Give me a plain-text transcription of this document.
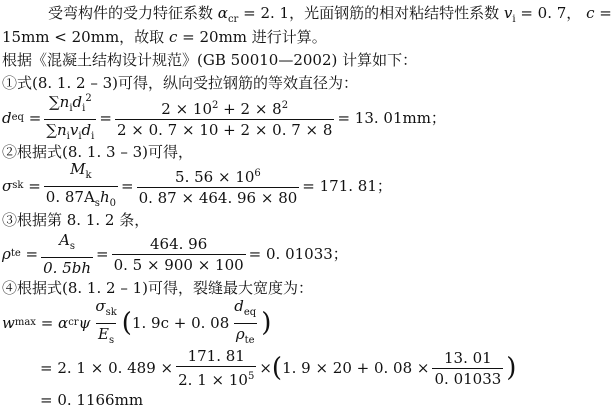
受弯构件的受力特征系数 $\alpha_{cr} = 2$. 1，光面钢筋的相对粘结特性系数 $v_i = 0$. 7， c =
15mm < 20mm，故取 c = 20mm 进行计算。
根据《混凝土结构设计规范》(GB 50010—2002) 计算如下：
①式(8. 1. 2 – 3)可得，纵向受拉钢筋的等效直径为：
d eq = $\frac{\sum n_id_i^2}{\sum n_iv_id_i} = \frac{2 \times 10^2 + 2 \times 8^2}{2 \times 0. 7 \times 10 + 2 \times 0. 7 \times 8} = 13$. 01mm；
②根据式(8. 1. 3 – 3)可得，
σ sk = $\frac{M_k}{0. 87A_sh_0} = \frac{5. 56 \times 10^6}{0. 87 \times 464. 96 \times 80} = 171$. 81；
③根据第 8. 1. 2 条，
ρ te = $\frac{A_s}{0. 5bh} = \frac{464. 96}{0. 5 \times 900 \times 100} = 0$. 01033；
④根据式(8. 1. 2 – 1)可得，裂缝最大宽度为：
w max = α cr ψ $\frac{\sigma_{sk}}{E_s}$ ( 1. 9c + 0. $08 \frac{d_{eq}}{\rho_{te}}$ )
= 2. 1 × 0. $489 \times \frac{171. 81}{2. 1 \times 10^5}$ × ( 1. 9 × 20 + 0. $08 \times \frac{13. 01}{0. 01033}$ )
= 0. 1166mm
